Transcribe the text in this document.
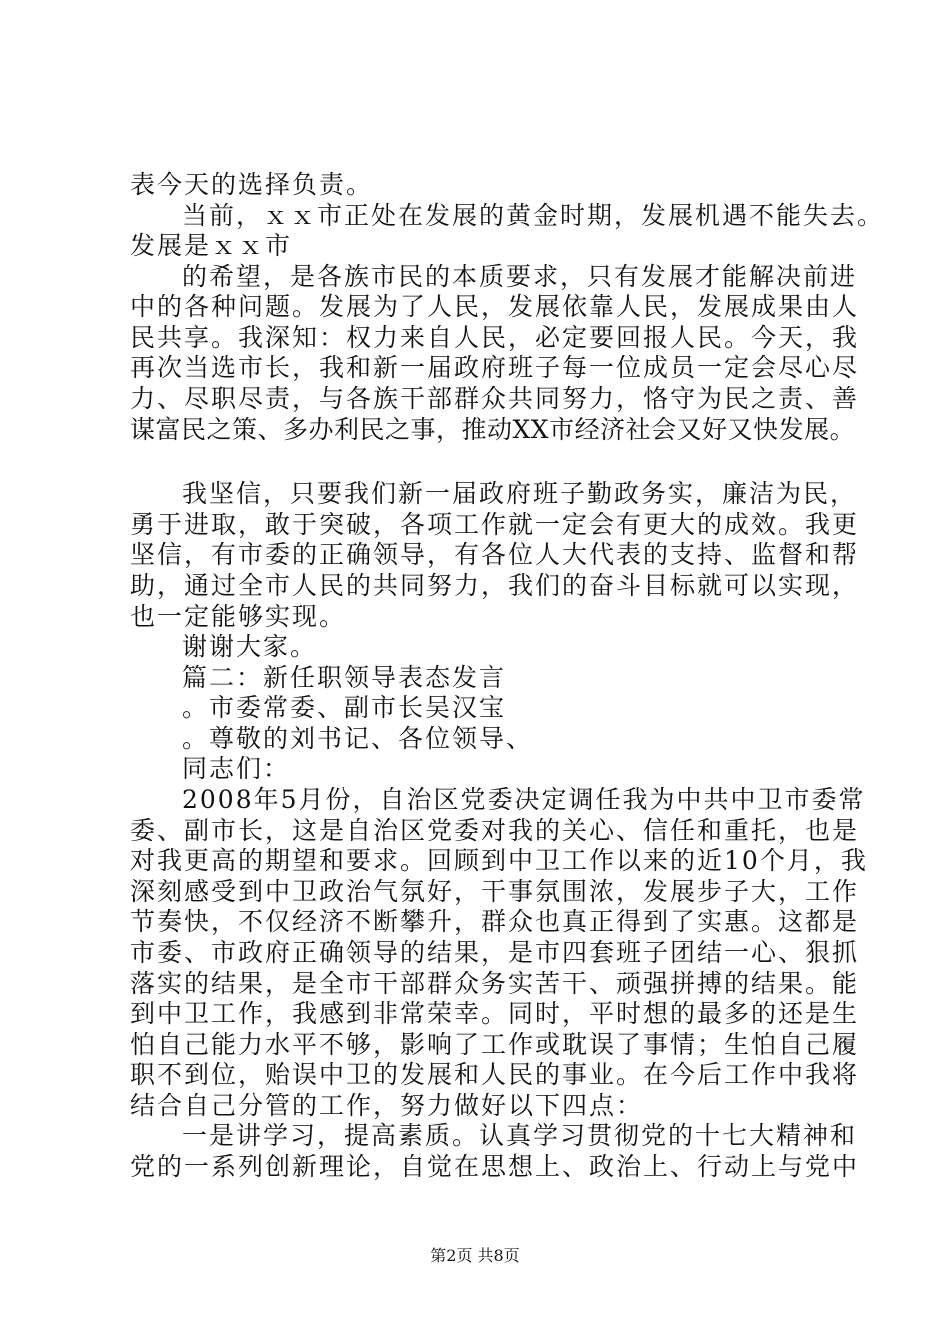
表今天的选择负责。
当前，ｘｘ市正处在发展的黄金时期，发展机遇不能失去。
发展是ｘｘ市
的希望，是各族市民的本质要求，只有发展才能解决前进
中的各种问题。发展为了人民，发展依靠人民，发展成果由人
民共享。我深知：权力来自人民，必定要回报人民。今天，我
再次当选市长，我和新一届政府班子每一位成员一定会尽心尽
力、尽职尽责，与各族干部群众共同努力，恪守为民之责、善
谋富民之策、多办利民之事，推动XX市经济社会又好又快发展。
我坚信，只要我们新一届政府班子勤政务实，廉洁为民，
勇于进取，敢于突破，各项工作就一定会有更大的成效。我更
坚信，有市委的正确领导，有各位人大代表的支持、监督和帮
助，通过全市人民的共同努力，我们的奋斗目标就可以实现，
也一定能够实现。
谢谢大家。
篇二：新任职领导表态发言
。市委常委、副市长吴汉宝
。尊敬的刘书记、各位领导、
同志们：
2008年5月份，自治区党委决定调任我为中共中卫市委常
委、副市长，这是自治区党委对我的关心、信任和重托，也是
对我更高的期望和要求。回顾到中卫工作以来的近10个月，我
深刻感受到中卫政治气氛好，干事氛围浓，发展步子大，工作
节奏快，不仅经济不断攀升，群众也真正得到了实惠。这都是
市委、市政府正确领导的结果，是市四套班子团结一心、狠抓
落实的结果，是全市干部群众务实苦干、顽强拼搏的结果。能
到中卫工作，我感到非常荣幸。同时，平时想的最多的还是生
怕自己能力水平不够，影响了工作或耽误了事情；生怕自己履
职不到位，贻误中卫的发展和人民的事业。在今后工作中我将
结合自己分管的工作，努力做好以下四点：
一是讲学习，提高素质。认真学习贯彻党的十七大精神和
党的一系列创新理论，自觉在思想上、政治上、行动上与党中
第2页 共8页
